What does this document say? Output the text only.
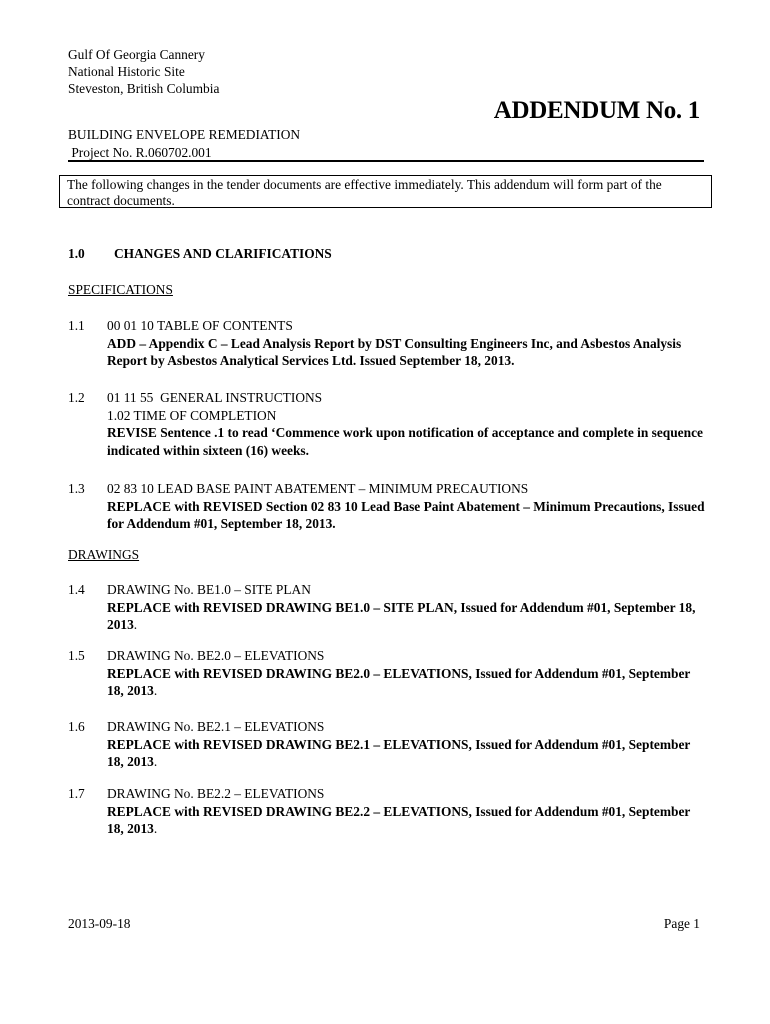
Gulf Of Georgia Cannery
National Historic Site
Steveston, British Columbia
ADDENDUM No. 1
BUILDING ENVELOPE REMEDIATION
Project No. R.060702.001
The following changes in the tender documents are effective immediately. This addendum will form part of the contract documents.
1.0 CHANGES AND CLARIFICATIONS
SPECIFICATIONS
1.1	00 01 10 TABLE OF CONTENTS
ADD – Appendix C – Lead Analysis Report by DST Consulting Engineers Inc, and Asbestos Analysis Report by Asbestos Analytical Services Ltd. Issued September 18, 2013.
1.2	01 11 55  GENERAL INSTRUCTIONS
1.02 TIME OF COMPLETION
REVISE Sentence .1 to read ‘Commence work upon notification of acceptance and complete in sequence indicated within sixteen (16) weeks.
1.3	02 83 10 LEAD BASE PAINT ABATEMENT – MINIMUM PRECAUTIONS
REPLACE with REVISED Section 02 83 10 Lead Base Paint Abatement – Minimum Precautions, Issued for Addendum #01, September 18, 2013.
DRAWINGS
1.4	DRAWING No. BE1.0 – SITE PLAN
REPLACE with REVISED DRAWING BE1.0 – SITE PLAN, Issued for Addendum #01, September 18, 2013.
1.5	DRAWING No. BE2.0 – ELEVATIONS
REPLACE with REVISED DRAWING BE2.0 – ELEVATIONS, Issued for Addendum #01, September 18, 2013.
1.6	DRAWING No. BE2.1 – ELEVATIONS
REPLACE with REVISED DRAWING BE2.1 – ELEVATIONS, Issued for Addendum #01, September 18, 2013.
1.7	DRAWING No. BE2.2 – ELEVATIONS
REPLACE with REVISED DRAWING BE2.2 – ELEVATIONS, Issued for Addendum #01, September 18, 2013.
2013-09-18	Page 1
